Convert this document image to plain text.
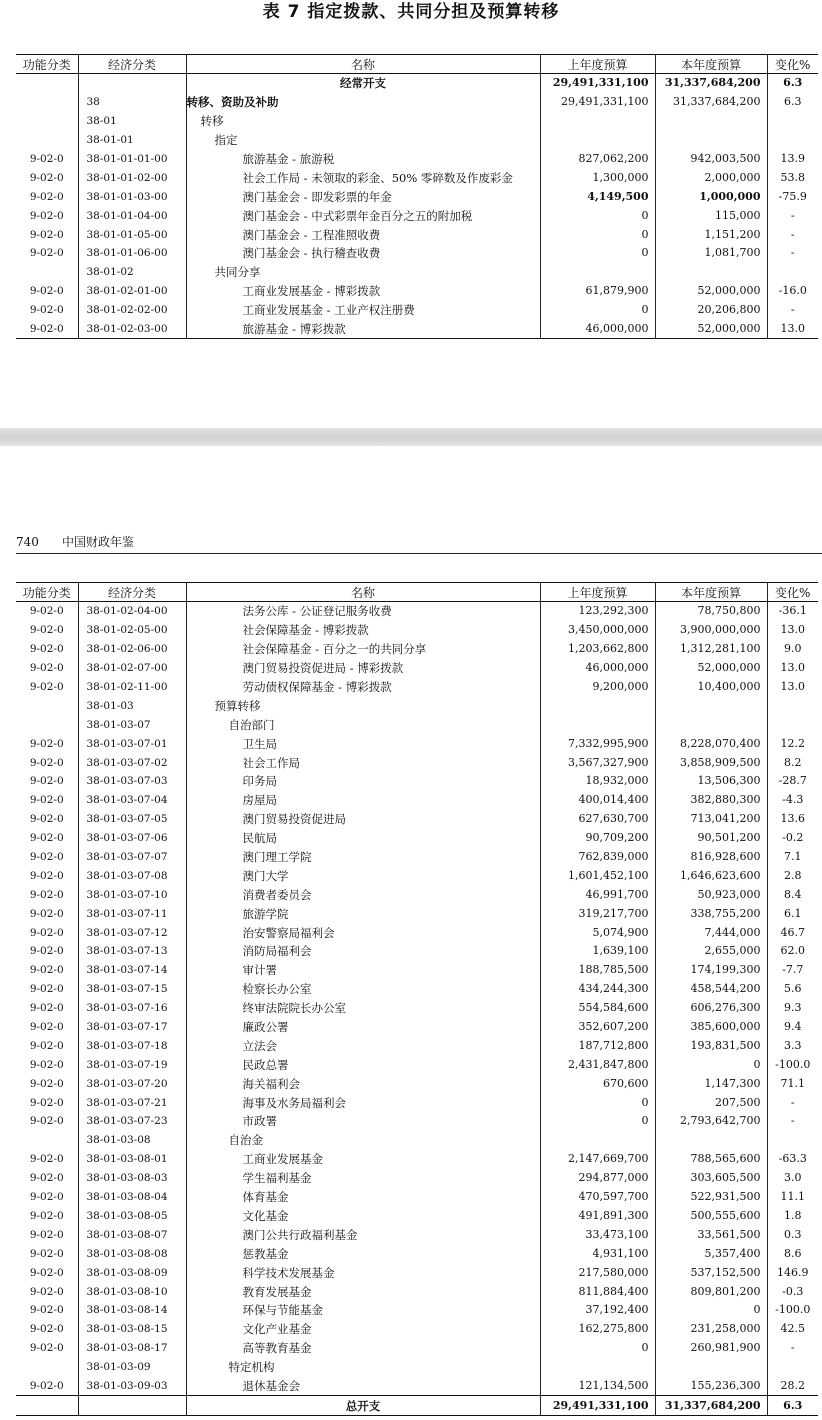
表 7 指定拨款、共同分担及预算转移
功能分类	经济分类	名称	上年度预算	本年度预算	变化%
		经常开支	29,491,331,100	31,337,684,200	6.3
	38	转移、资助及补助	29,491,331,100	31,337,684,200	6.3
	38-01	转移			
	38-01-01	指定			
9-02-0	38-01-01-01-00	旅游基金 - 旅游税	827,062,200	942,003,500	13.9
9-02-0	38-01-01-02-00	社会工作局 - 未领取的彩金、50% 零碎数及作废彩金	1,300,000	2,000,000	53.8
9-02-0	38-01-01-03-00	澳门基金会 - 即发彩票的年金	4,149,500	1,000,000	-75.9
9-02-0	38-01-01-04-00	澳门基金会 - 中式彩票年金百分之五的附加税	0	115,000	-
9-02-0	38-01-01-05-00	澳门基金会 - 工程准照收费	0	1,151,200	-
9-02-0	38-01-01-06-00	澳门基金会 - 执行稽查收费	0	1,081,700	-
	38-01-02	共同分享			
9-02-0	38-01-02-01-00	工商业发展基金 - 博彩拨款	61,879,900	52,000,000	-16.0
9-02-0	38-01-02-02-00	工商业发展基金 - 工业产权注册费	0	20,206,800	-
9-02-0	38-01-02-03-00	旅游基金 - 博彩拨款	46,000,000	52,000,000	13.0
740 中国财政年鉴
功能分类	经济分类	名称	上年度预算	本年度预算	变化%
9-02-0	38-01-02-04-00	法务公库 - 公证登记服务收费	123,292,300	78,750,800	-36.1
9-02-0	38-01-02-05-00	社会保障基金 - 博彩拨款	3,450,000,000	3,900,000,000	13.0
9-02-0	38-01-02-06-00	社会保障基金 - 百分之一的共同分享	1,203,662,800	1,312,281,100	9.0
9-02-0	38-01-02-07-00	澳门贸易投资促进局 - 博彩拨款	46,000,000	52,000,000	13.0
9-02-0	38-01-02-11-00	劳动债权保障基金 - 博彩拨款	9,200,000	10,400,000	13.0
	38-01-03	预算转移			
	38-01-03-07	自治部门			
9-02-0	38-01-03-07-01	卫生局	7,332,995,900	8,228,070,400	12.2
9-02-0	38-01-03-07-02	社会工作局	3,567,327,900	3,858,909,500	8.2
9-02-0	38-01-03-07-03	印务局	18,932,000	13,506,300	-28.7
9-02-0	38-01-03-07-04	房屋局	400,014,400	382,880,300	-4.3
9-02-0	38-01-03-07-05	澳门贸易投资促进局	627,630,700	713,041,200	13.6
9-02-0	38-01-03-07-06	民航局	90,709,200	90,501,200	-0.2
9-02-0	38-01-03-07-07	澳门理工学院	762,839,000	816,928,600	7.1
9-02-0	38-01-03-07-08	澳门大学	1,601,452,100	1,646,623,600	2.8
9-02-0	38-01-03-07-10	消费者委员会	46,991,700	50,923,000	8.4
9-02-0	38-01-03-07-11	旅游学院	319,217,700	338,755,200	6.1
9-02-0	38-01-03-07-12	治安警察局福利会	5,074,900	7,444,000	46.7
9-02-0	38-01-03-07-13	消防局福利会	1,639,100	2,655,000	62.0
9-02-0	38-01-03-07-14	审计署	188,785,500	174,199,300	-7.7
9-02-0	38-01-03-07-15	检察长办公室	434,244,300	458,544,200	5.6
9-02-0	38-01-03-07-16	终审法院院长办公室	554,584,600	606,276,300	9.3
9-02-0	38-01-03-07-17	廉政公署	352,607,200	385,600,000	9.4
9-02-0	38-01-03-07-18	立法会	187,712,800	193,831,500	3.3
9-02-0	38-01-03-07-19	民政总署	2,431,847,800	0	-100.0
9-02-0	38-01-03-07-20	海关福利会	670,600	1,147,300	71.1
9-02-0	38-01-03-07-21	海事及水务局福利会	0	207,500	-
9-02-0	38-01-03-07-23	市政署	0	2,793,642,700	-
	38-01-03-08	自治金			
9-02-0	38-01-03-08-01	工商业发展基金	2,147,669,700	788,565,600	-63.3
9-02-0	38-01-03-08-03	学生福利基金	294,877,000	303,605,500	3.0
9-02-0	38-01-03-08-04	体育基金	470,597,700	522,931,500	11.1
9-02-0	38-01-03-08-05	文化基金	491,891,300	500,555,600	1.8
9-02-0	38-01-03-08-07	澳门公共行政福利基金	33,473,100	33,561,500	0.3
9-02-0	38-01-03-08-08	惩教基金	4,931,100	5,357,400	8.6
9-02-0	38-01-03-08-09	科学技术发展基金	217,580,000	537,152,500	146.9
9-02-0	38-01-03-08-10	教育发展基金	811,884,400	809,801,200	-0.3
9-02-0	38-01-03-08-14	环保与节能基金	37,192,400	0	-100.0
9-02-0	38-01-03-08-15	文化产业基金	162,275,800	231,258,000	42.5
9-02-0	38-01-03-08-17	高等教育基金	0	260,981,900	-
	38-01-03-09	特定机构			
9-02-0	38-01-03-09-03	退休基金会	121,134,500	155,236,300	28.2
		总开支	29,491,331,100	31,337,684,200	6.3
